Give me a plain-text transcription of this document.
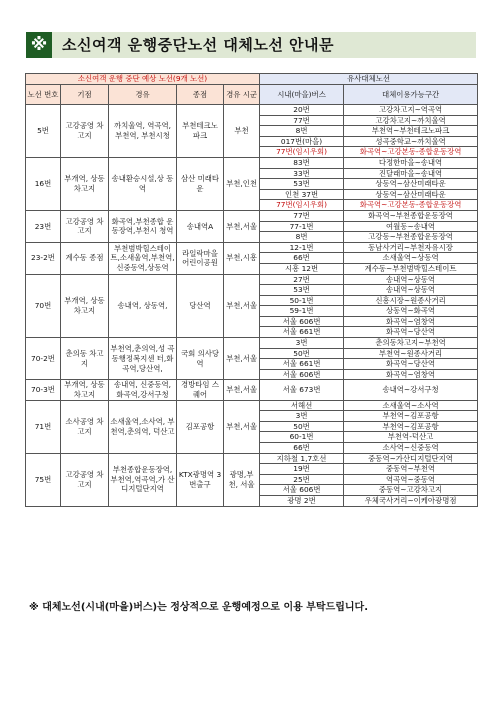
※ 소신여객 운행중단노선 대체노선 안내문
소신여객 운행 중단 예상 노선(9개 노선)					유사대체노선	
노선 번호	기점	경유	종점	경유 시군	시내(마을)버스	대체이용가능구간
5번	고강공영 차고지	까치울역, 역곡역, 부천역, 부천시청	부천테크노 파크	부천	20번	고강차고지~역곡역
					77번	고강차고지~까치울역
					8번	부천역~부천테크노파크
					017번(마을)	성곡중학교~까치울역
					77번(임시우회)	화곡역~고강본동-종합운동장역
16번	부개역, 상동차고지	송내환승시설,상 동역	삼산 미래타운	부천,인천	83번	다정한마을~송내역
					33번	진달래마을~송내역
					53번	상동역~삼산미래타운
					인천 37번	상동역~삼산미래타운
					77번(임시우회)	화곡역~고강본동-종합운동장역
23번	고강공영 차고지	화곡역,부천종합 운동장역,부천시 청역	송내역A	부천,서울	77번	화곡역~부천종합운동장역
					77-1번	여월동~송내역
					8번	고강동~부천종합운동장역
23-2번	계수동 종점	부천범박힐스테이 트,소새울역,부천역, 신중동역,상동역	라일락마을 어린이공원	부천,시흥	12-1번	동남사거리~부천자유시장
					66번	소새울역~상동역
					시흥 12번	계수동~부천범박힐스테이트
70번	부개역, 상동차고지	송내역, 상동역,	당산역	부천,서울	27번	송내역~상동역
					53번	송내역~상동역
					50-1번	신흥시장~원종사거리
					59-1번	상동역~화곡역
					서울 606번	화곡역~염창역
					서울 661번	화곡역~당산역
70-2번	춘의동 차고지	부천역,춘의역,성 곡동행정복지센 터,화곡역,당산역,	국회 의사당역	부천,서울	3번	춘의동차고지~부천역
					50번	부천역~원종사거리
					서울 661번	화곡역~당산역
					서울 606번	화곡역~염창역
70-3번	부개역, 상동차고지	송내역, 신중동역, 화곡역,강서구청	경방타임 스퀘어	부천,서울	서울 673번	송내역~강서구청
71번	소사공영 차고지	소새울역,소사역, 부천역,춘의역, 덕산고	김포공항	부천,서울	서해선	소새울역~소사역
					3번	부천역~김포공항
					50번	부천역~김포공항
					60-1번	부천역-덕산고
					66번	소사역~신중동역
75번	고강공영 차고지	부천종합운동장역, 부천역,역곡역,가 산디지털단지역	KTX광명역 3번출구	광명,부천, 서울	지하철 1,7호선	중동역~가산디지털단지역
					19번	중동역~부천역
					25번	역곡역~중동역
					서울 606번	중동역~고강차고지
					광명 2번	우체국사거리~이케아광명점
※ 대체노선(시내(마을)버스)는 정상적으로 운행예정으로 이용 부탁드립니다.
